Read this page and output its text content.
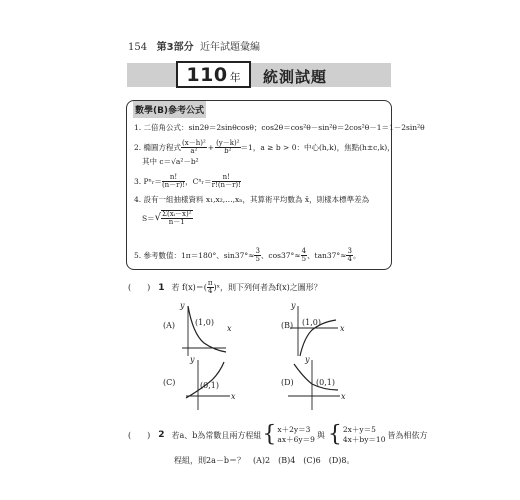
154 第3部分 近年試題彙編
110 年 統測試題
數學(B)參考公式
1. 二倍角公式：sin2θ＝2sinθcosθ；cos2θ＝cos²θ－sin²θ＝2cos²θ－1＝1－2sin²θ
2. 橢圓方程式 $\frac{\text{(x－h)²}}{\text{a²}} + \frac{\text{(y－k)²}}{\text{b²}} =1$，a ≥ b > 0：中心(h,k)，焦點(h±c,k)，
其中 c＝√a²－b²
3. Pⁿᵣ＝ $\frac{n!}{(n-r)!}$ ，Cⁿᵣ＝ $\frac{n!}{r!(n-r)!}$
4. 設有一組抽樣資料 x₁,x₂,…,xₙ，其算術平均數為 x̄，則樣本標準差為
S＝ √ $\frac{\text{Σ(xᵢ－x̄)²}}{n-1}$
5. 參考數值：1π＝180°、$\sin 37^\circ\approx \frac{3}{5}$ 、$\cos 37^\circ\approx \frac{4}{5}$ 、$\tan 37^\circ\approx \frac{3}{4}$ 。
(　　) 1 若 $f(x)=( \frac{\pi}{4}$ )ˣ，則下列何者為f(x)之圖形？
y
x
y
x
y
x
y
x
(A) (1,0)	(B) (1,0)
(C)	(0,1)	(D)	(0,1)
(　　) 2 若a、b為常數且兩方程組 { x＋2y＝3
ax＋6y＝9 與 { 2x＋y＝5
4x＋by＝10 皆為相依方
程組，則2a－b＝？　(A)2　(B)4　(C)6　(D)8。
